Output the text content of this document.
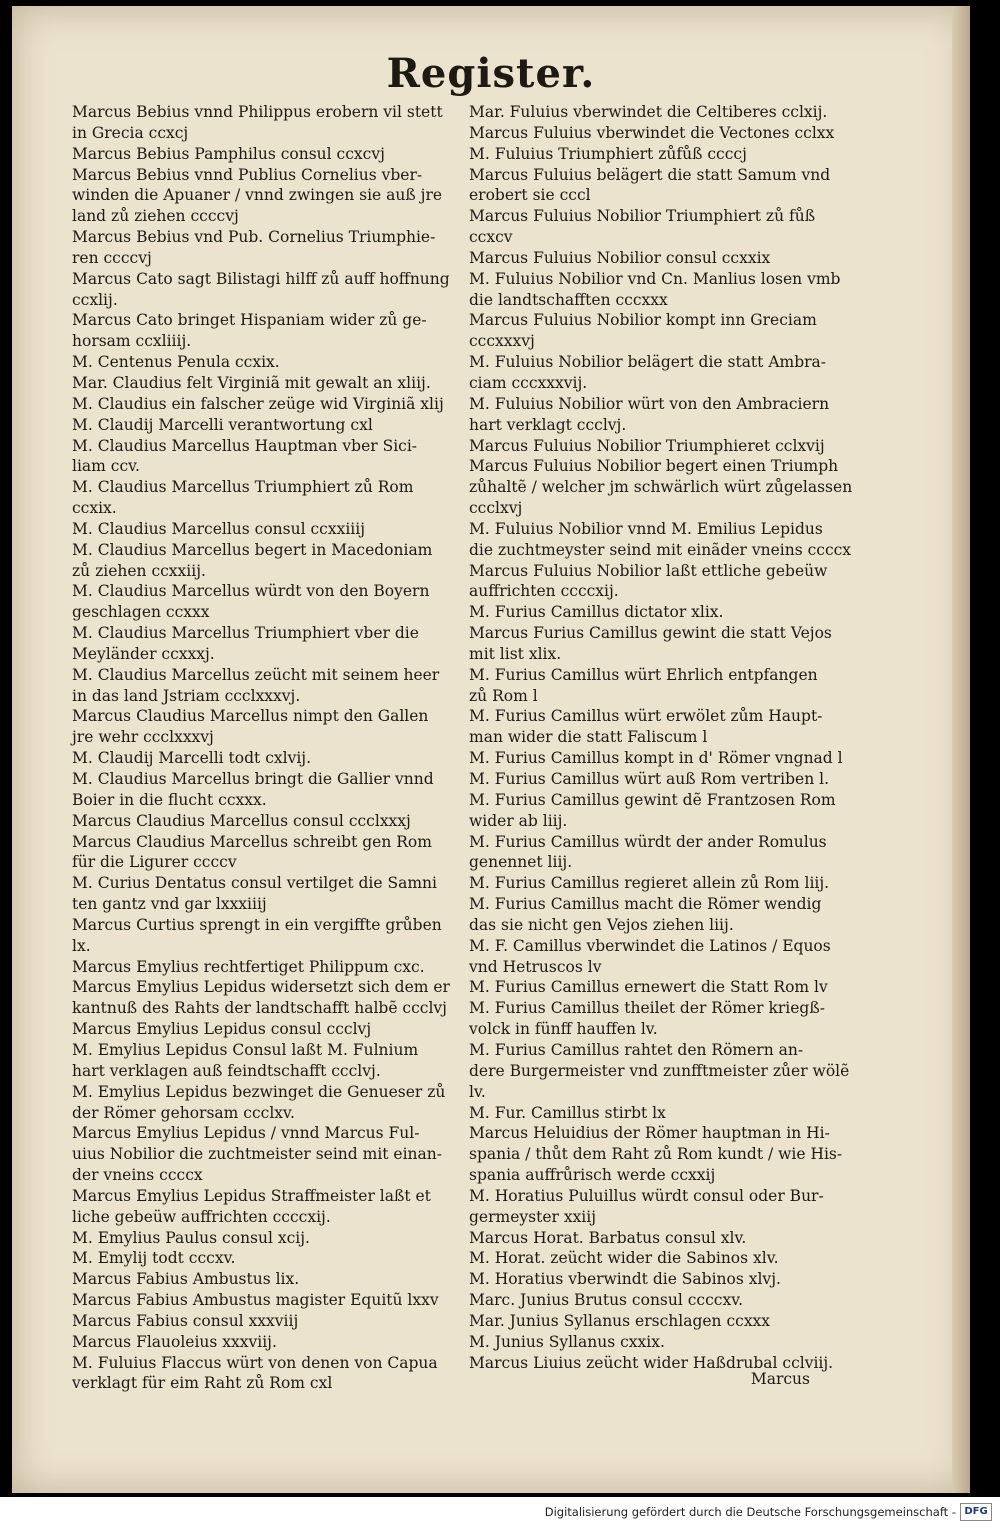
Register.
Marcus Bebius vnnd Philippus erobern vil stett
in Grecia ccxcj
Marcus Bebius Pamphilus consul ccxcvj
Marcus Bebius vnnd Publius Cornelius vber-
winden die Apuaner / vnnd zwingen sie auß jre
land zů ziehen ccccvj
Marcus Bebius vnd Pub. Cornelius Triumphie-
ren ccccvj
Marcus Cato sagt Bilistagi hilff zů auff hoffnung
ccxlij.
Marcus Cato bringet Hispaniam wider zů ge-
horsam ccxliiij.
M. Centenus Penula ccxix.
Mar. Claudius felt Virginiã mit gewalt an xliij.
M. Claudius ein falscher zeüge wid Virginiã xlij
M. Claudij Marcelli verantwortung cxl
M. Claudius Marcellus Hauptman vber Sici-
liam ccv.
M. Claudius Marcellus Triumphiert zů Rom
ccxix.
M. Claudius Marcellus consul ccxxiiij
M. Claudius Marcellus begert in Macedoniam
zů ziehen ccxxiij.
M. Claudius Marcellus würdt von den Boyern
geschlagen ccxxx
M. Claudius Marcellus Triumphiert vber die
Meyländer ccxxxj.
M. Claudius Marcellus zeücht mit seinem heer
in das land Jstriam ccclxxxvj.
Marcus Claudius Marcellus nimpt den Gallen
jre wehr ccclxxxvj
M. Claudij Marcelli todt cxlvij.
M. Claudius Marcellus bringt die Gallier vnnd
Boier in die flucht ccxxx.
Marcus Claudius Marcellus consul ccclxxxj
Marcus Claudius Marcellus schreibt gen Rom
für die Ligurer ccccv
M. Curius Dentatus consul vertilget die Samni
ten gantz vnd gar lxxxiiij
Marcus Curtius sprengt in ein vergiffte grůben
lx.
Marcus Emylius rechtfertiget Philippum cxc.
Marcus Emylius Lepidus widersetzt sich dem er
kantnuß des Rahts der landtschafft halbẽ ccclvj
Marcus Emylius Lepidus consul ccclvj
M. Emylius Lepidus Consul laßt M. Fulnium
hart verklagen auß feindtschafft ccclvj.
M. Emylius Lepidus bezwinget die Genueser zů
der Römer gehorsam ccclxv.
Marcus Emylius Lepidus / vnnd Marcus Ful-
uius Nobilior die zuchtmeister seind mit einan-
der vneins ccccx
Marcus Emylius Lepidus Straffmeister laßt et
liche gebeüw auffrichten ccccxij.
M. Emylius Paulus consul xcij.
M. Emylij todt cccxv.
Marcus Fabius Ambustus lix.
Marcus Fabius Ambustus magister Equitũ lxxv
Marcus Fabius consul xxxviij
Marcus Flauoleius xxxviij.
M. Fuluius Flaccus würt von denen von Capua
verklagt für eim Raht zů Rom cxl
Mar. Fuluius vberwindet die Celtiberes cclxij.
Marcus Fuluius vberwindet die Vectones cclxx
M. Fuluius Triumphiert zůfůß ccccj
Marcus Fuluius belägert die statt Samum vnd
erobert sie cccl
Marcus Fuluius Nobilior Triumphiert zů fůß
ccxcv
Marcus Fuluius Nobilior consul ccxxix
M. Fuluius Nobilior vnd Cn. Manlius losen vmb
die landtschafften cccxxx
Marcus Fuluius Nobilior kompt inn Greciam
cccxxxvj
M. Fuluius Nobilior belägert die statt Ambra-
ciam cccxxxvij.
M. Fuluius Nobilior würt von den Ambraciern
hart verklagt ccclvj.
Marcus Fuluius Nobilior Triumphieret cclxvij
Marcus Fuluius Nobilior begert einen Triumph
zůhaltẽ / welcher jm schwärlich würt zůgelassen
ccclxvj
M. Fuluius Nobilior vnnd M. Emilius Lepidus
die zuchtmeyster seind mit einãder vneins ccccx
Marcus Fuluius Nobilior laßt ettliche gebeüw
auffrichten ccccxij.
M. Furius Camillus dictator xlix.
Marcus Furius Camillus gewint die statt Vejos
mit list xlix.
M. Furius Camillus würt Ehrlich entpfangen
zů Rom l
M. Furius Camillus würt erwölet zům Haupt-
man wider die statt Faliscum l
M. Furius Camillus kompt in d' Römer vngnad l
M. Furius Camillus würt auß Rom vertriben l.
M. Furius Camillus gewint dẽ Frantzosen Rom
wider ab liij.
M. Furius Camillus würdt der ander Romulus
genennet liij.
M. Furius Camillus regieret allein zů Rom liij.
M. Furius Camillus macht die Römer wendig
das sie nicht gen Vejos ziehen liij.
M. F. Camillus vberwindet die Latinos / Equos
vnd Hetruscos lv
M. Furius Camillus ernewert die Statt Rom lv
M. Furius Camillus theilet der Römer kriegß-
volck in fünff hauffen lv.
M. Furius Camillus rahtet den Römern an-
dere Burgermeister vnd zunfftmeister zůer wölẽ
lv.
M. Fur. Camillus stirbt lx
Marcus Heluidius der Römer hauptman in Hi-
spania / thůt dem Raht zů Rom kundt / wie His-
spania auffrůrisch werde ccxxij
M. Horatius Puluillus würdt consul oder Bur-
germeyster xxiij
Marcus Horat. Barbatus consul xlv.
M. Horat. zeücht wider die Sabinos xlv.
M. Horatius vberwindt die Sabinos xlvj.
Marc. Junius Brutus consul ccccxv.
Mar. Junius Syllanus erschlagen ccxxx
M. Junius Syllanus cxxix.
Marcus Liuius zeücht wider Haßdrubal cclviij.
Marcus
Digitalisierung gefördert durch die Deutsche Forschungsgemeinschaft - DFG
